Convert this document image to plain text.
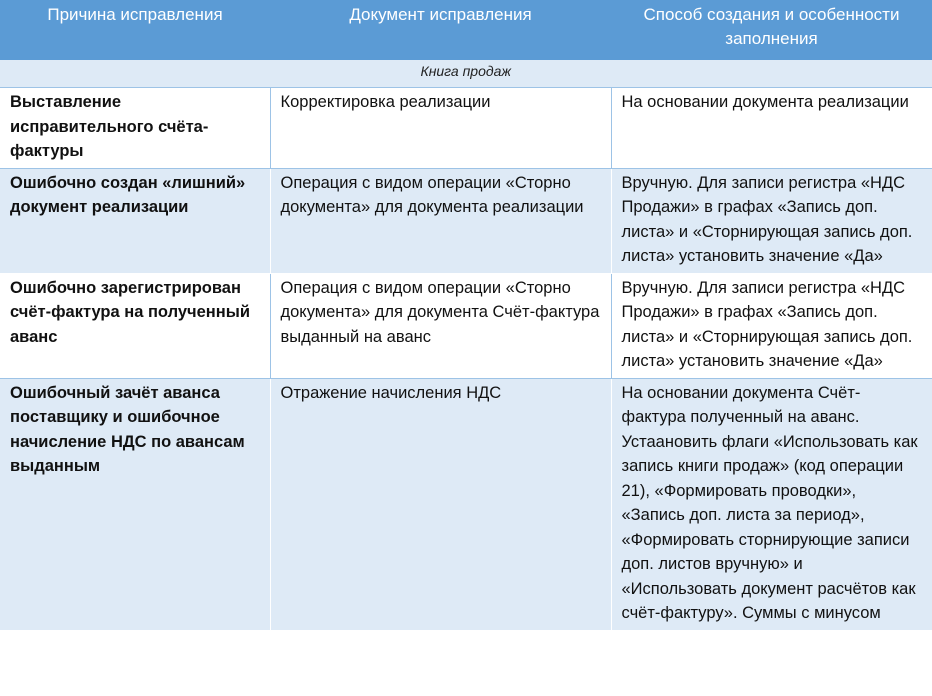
Причина исправления	Документ исправления	Способ создания и особенности заполнения
Книга продаж		
Выставление исправительного счёта-фактуры	Корректировка реализации	На основании документа реализации
Ошибочно создан «лишний» документ реализации	Операция с видом операции «Сторно документа» для документа реализации	Вручную. Для записи регистра «НДС Продажи» в графах «Запись доп. листа» и «Сторнирующая запись доп. листа» установить значение «Да»
Ошибочно зарегистрирован счёт-фактура на полученный аванс	Операция с видом операции «Сторно документа» для документа Счёт-фактура выданный на аванс	Вручную. Для записи регистра «НДС Продажи» в графах «Запись доп. листа» и «Сторнирующая запись доп. листа» установить значение «Да»
Ошибочный зачёт аванса поставщику и ошибочное начисление НДС по авансам выданным	Отражение начисления НДС	На основании документа Счёт-фактура полученный на аванс. Устаановить флаги «Использовать как запись книги продаж» (код операции 21), «Формировать проводки», «Запись доп. листа за период», «Формировать сторнирующие записи доп. листов вручную» и «Использовать документ расчётов как счёт-фактуру». Суммы с минусом
